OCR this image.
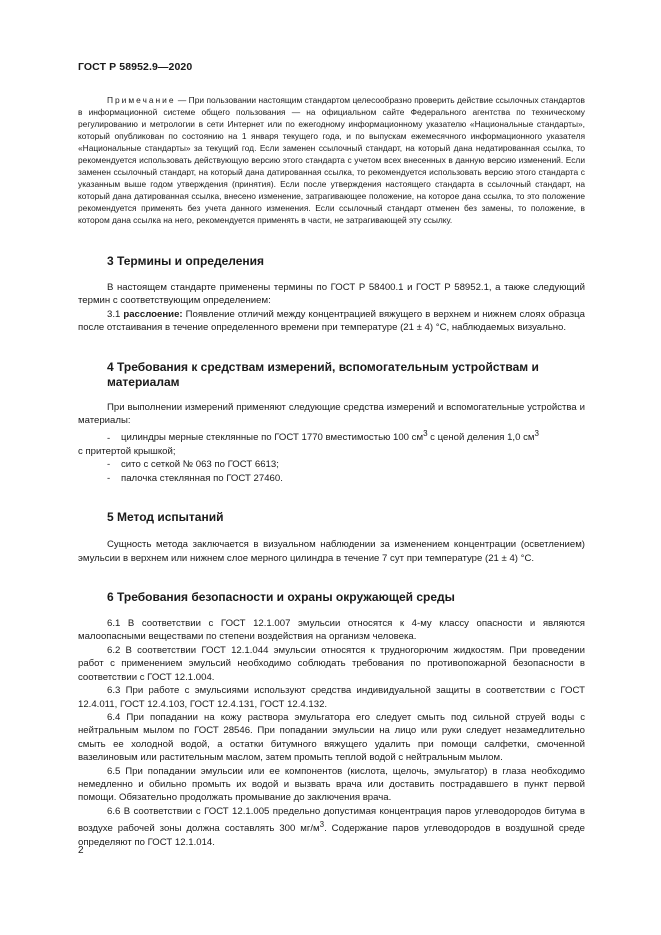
ГОСТ Р 58952.9—2020

Примечание — При пользовании настоящим стандартом целесообразно проверить действие ссылочных стандартов в информационной системе общего пользования — на официальном сайте Федерального агентства по техническому регулированию и метрологии в сети Интернет или по ежегодному информационному указателю «Национальные стандарты», который опубликован по состоянию на 1 января текущего года, и по выпускам ежемесячного информационного указателя «Национальные стандарты» за текущий год. Если заменен ссылочный стандарт, на который дана недатированная ссылка, то рекомендуется использовать действующую версию этого стандарта с учетом всех внесенных в данную версию изменений. Если заменен ссылочный стандарт, на который дана датированная ссылка, то рекомендуется использовать версию этого стандарта с указанным выше годом утверждения (принятия). Если после утверждения настоящего стандарта в ссылочный стандарт, на который дана датированная ссылка, внесено изменение, затрагивающее положение, на которое дана ссылка, то это положение рекомендуется применять без учета данного изменения. Если ссылочный стандарт отменен без замены, то положение, в котором дана ссылка на него, рекомендуется применять в части, не затрагивающей эту ссылку.

3 Термины и определения

В настоящем стандарте применены термины по ГОСТ Р 58400.1 и ГОСТ Р 58952.1, а также следующий термин с соответствующим определением:

3.1 расслоение: Появление отличий между концентрацией вяжущего в верхнем и нижнем слоях образца после отстаивания в течение определенного времени при температуре (21 ± 4) °C, наблюдаемых визуально.

4 Требования к средствам измерений, вспомогательным устройствам и материалам

При выполнении измерений применяют следующие средства измерений и вспомогательные устройства и материалы:

- цилиндры мерные стеклянные по ГОСТ 1770 вместимостью 100 $см^3$ с ценой деления 1,0 $см^3$

с притертой крышкой;

- сито с сеткой № 063 по ГОСТ 6613;

- палочка стеклянная по ГОСТ 27460.

5 Метод испытаний

Сущность метода заключается в визуальном наблюдении за изменением концентрации (осветлением) эмульсии в верхнем или нижнем слое мерного цилиндра в течение 7 сут при температуре (21 ± 4) °С.

6 Требования безопасности и охраны окружающей среды

6.1 В соответствии с ГОСТ 12.1.007 эмульсии относятся к 4-му классу опасности и являются малоопасными веществами по степени воздействия на организм человека.

6.2 В соответствии ГОСТ 12.1.044 эмульсии относятся к трудногорючим жидкостям. При проведении работ с применением эмульсий необходимо соблюдать требования по противопожарной безопасности в соответствии с ГОСТ 12.1.004.

6.3 При работе с эмульсиями используют средства индивидуальной защиты в соответствии с ГОСТ 12.4.011, ГОСТ 12.4.103, ГОСТ 12.4.131, ГОСТ 12.4.132.

6.4 При попадании на кожу раствора эмульгатора его следует смыть под сильной струей воды с нейтральным мылом по ГОСТ 28546. При попадании эмульсии на лицо или руки следует незамедлительно смыть ее холодной водой, а остатки битумного вяжущего удалить при помощи салфетки, смоченной вазелиновым или растительным маслом, затем промыть теплой водой с нейтральным мылом.

6.5 При попадании эмульсии или ее компонентов (кислота, щелочь, эмульгатор) в глаза необходимо немедленно и обильно промыть их водой и вызвать врача или доставить пострадавшего в пункт первой помощи. Обязательно продолжать промывание до заключения врача.

6.6 В соответствии с ГОСТ 12.1.005 предельно допустимая концентрация паров углеводородов битума в воздухе рабочей зоны должна составлять 300 $мг/м^3$. Содержание паров углеводородов в воздушной среде определяют по ГОСТ 12.1.014.

2
